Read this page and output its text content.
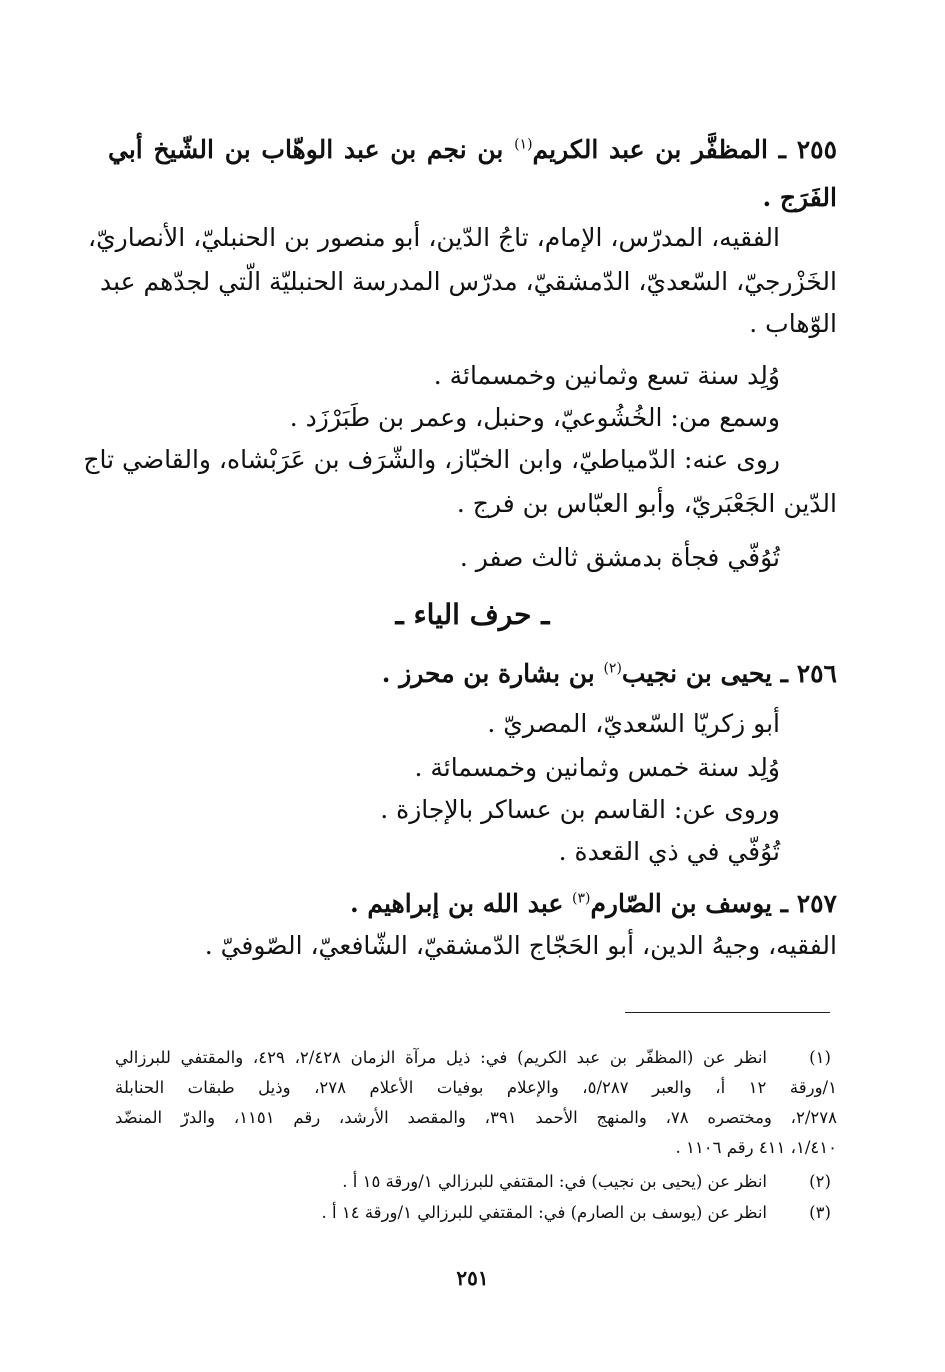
٢٥٥ ـ المظفَّر بن عبد الكريم$^{(١)}$ بن نجم بن عبد الوهّاب بن الشّيخ أبي
الفَرَج .
الفقيه، المدرّس، الإمام، تاجُ الدّين، أبو منصور بن الحنبليّ، الأنصاريّ،
الخَزْرجيّ، السّعديّ، الدّمشقيّ، مدرّس المدرسة الحنبليّة الّتي لجدّهم عبد
الوّهاب .
وُلِد سنة تسع وثمانين وخمسمائة .
وسمع من: الخُشُوعيّ، وحنبل، وعمر بن طَبَرْزَد .
روى عنه: الدّمياطيّ، وابن الخبّاز، والشّرَف بن عَرَبْشاه، والقاضي تاج
الدّين الجَعْبَريّ، وأبو العبّاس بن فرج .
تُوُفّي فجأة بدمشق ثالث صفر .
ـ حرف الياء ـ
٢٥٦ ـ يحيى بن نجيب$^{(٢)}$ بن بشارة بن محرز .
أبو زكريّا السّعديّ، المصريّ .
وُلِد سنة خمس وثمانين وخمسمائة .
وروى عن: القاسم بن عساكر بالإجازة .
تُوُفّي في ذي القعدة .
٢٥٧ ـ يوسف بن الصّارم$^{(٣)}$ عبد الله بن إبراهيم .
الفقيه، وجيهُ الدين، أبو الحَجّاج الدّمشقيّ، الشّافعيّ، الصّوفيّ .
(١)
انظر عن (المظفّر بن عبد الكريم) في: ذيل مرآة الزمان ٢/٤٢٨، ٤٢٩، والمقتفي للبرزالي
١/ورقة ١٢ أ، والعبر ٥/٢٨٧، والإعلام بوفيات الأعلام ٢٧٨، وذيل طبقات الحنابلة
٢/٢٧٨، ومختصره ٧٨، والمنهج الأحمد ٣٩١، والمقصد الأرشد، رقم ١١٥١، والدرّ المنضّد
١/٤١٠، ٤١١ رقم ١١٠٦ .
(٢)
انظر عن (يحيى بن نجيب) في: المقتفي للبرزالي ١/ورقة ١٥ أ .
(٣)
انظر عن (يوسف بن الصارم) في: المقتفي للبرزالي ١/ورقة ١٤ أ .
٢٥١
